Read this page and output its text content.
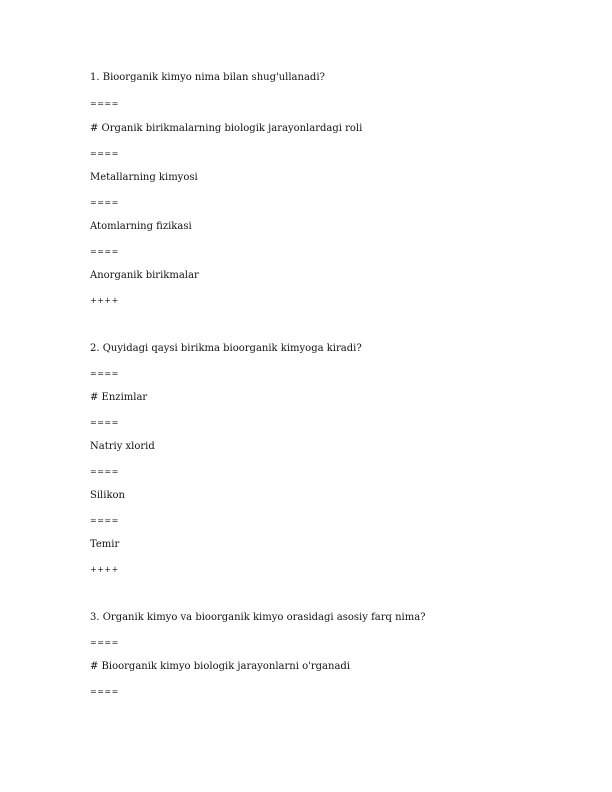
1. Bioorganik kimyo nima bilan shug'ullanadi?
====
# Organik birikmalarning biologik jarayonlardagi roli
====
Metallarning kimyosi
====
Atomlarning fizikasi
====
Anorganik birikmalar
++++
2. Quyidagi qaysi birikma bioorganik kimyoga kiradi?
====
# Enzimlar
====
Natriy xlorid
====
Silikon
====
Temir
++++
3. Organik kimyo va bioorganik kimyo orasidagi asosiy farq nima?
====
# Bioorganik kimyo biologik jarayonlarni o'rganadi
====
